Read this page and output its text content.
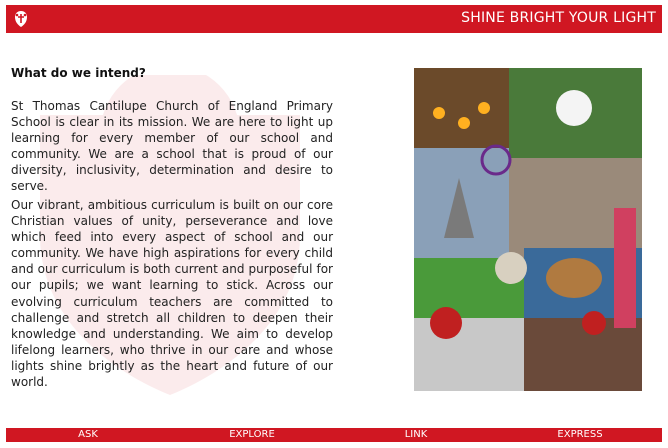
SHINE BRIGHT YOUR LIGHT
What do we intend?
St Thomas Cantilupe Church of England Primary School is clear in its mission. We are here to light up learning for every member of our school and community. We are a school that is proud of our diversity, inclusivity, determination and desire to serve.
Our vibrant, ambitious curriculum is built on our core Christian values of unity, perseverance and love which feed into every aspect of school and our community. We have high aspirations for every child and our curriculum is both current and purposeful for our pupils; we want learning to stick. Across our evolving curriculum teachers are committed to challenge and stretch all children to deepen their knowledge and understanding. We aim to develop lifelong learners, who thrive in our care and whose lights shine brightly as the heart and future of our world.
ASK	EXPLORE	LINK	EXPRESS
